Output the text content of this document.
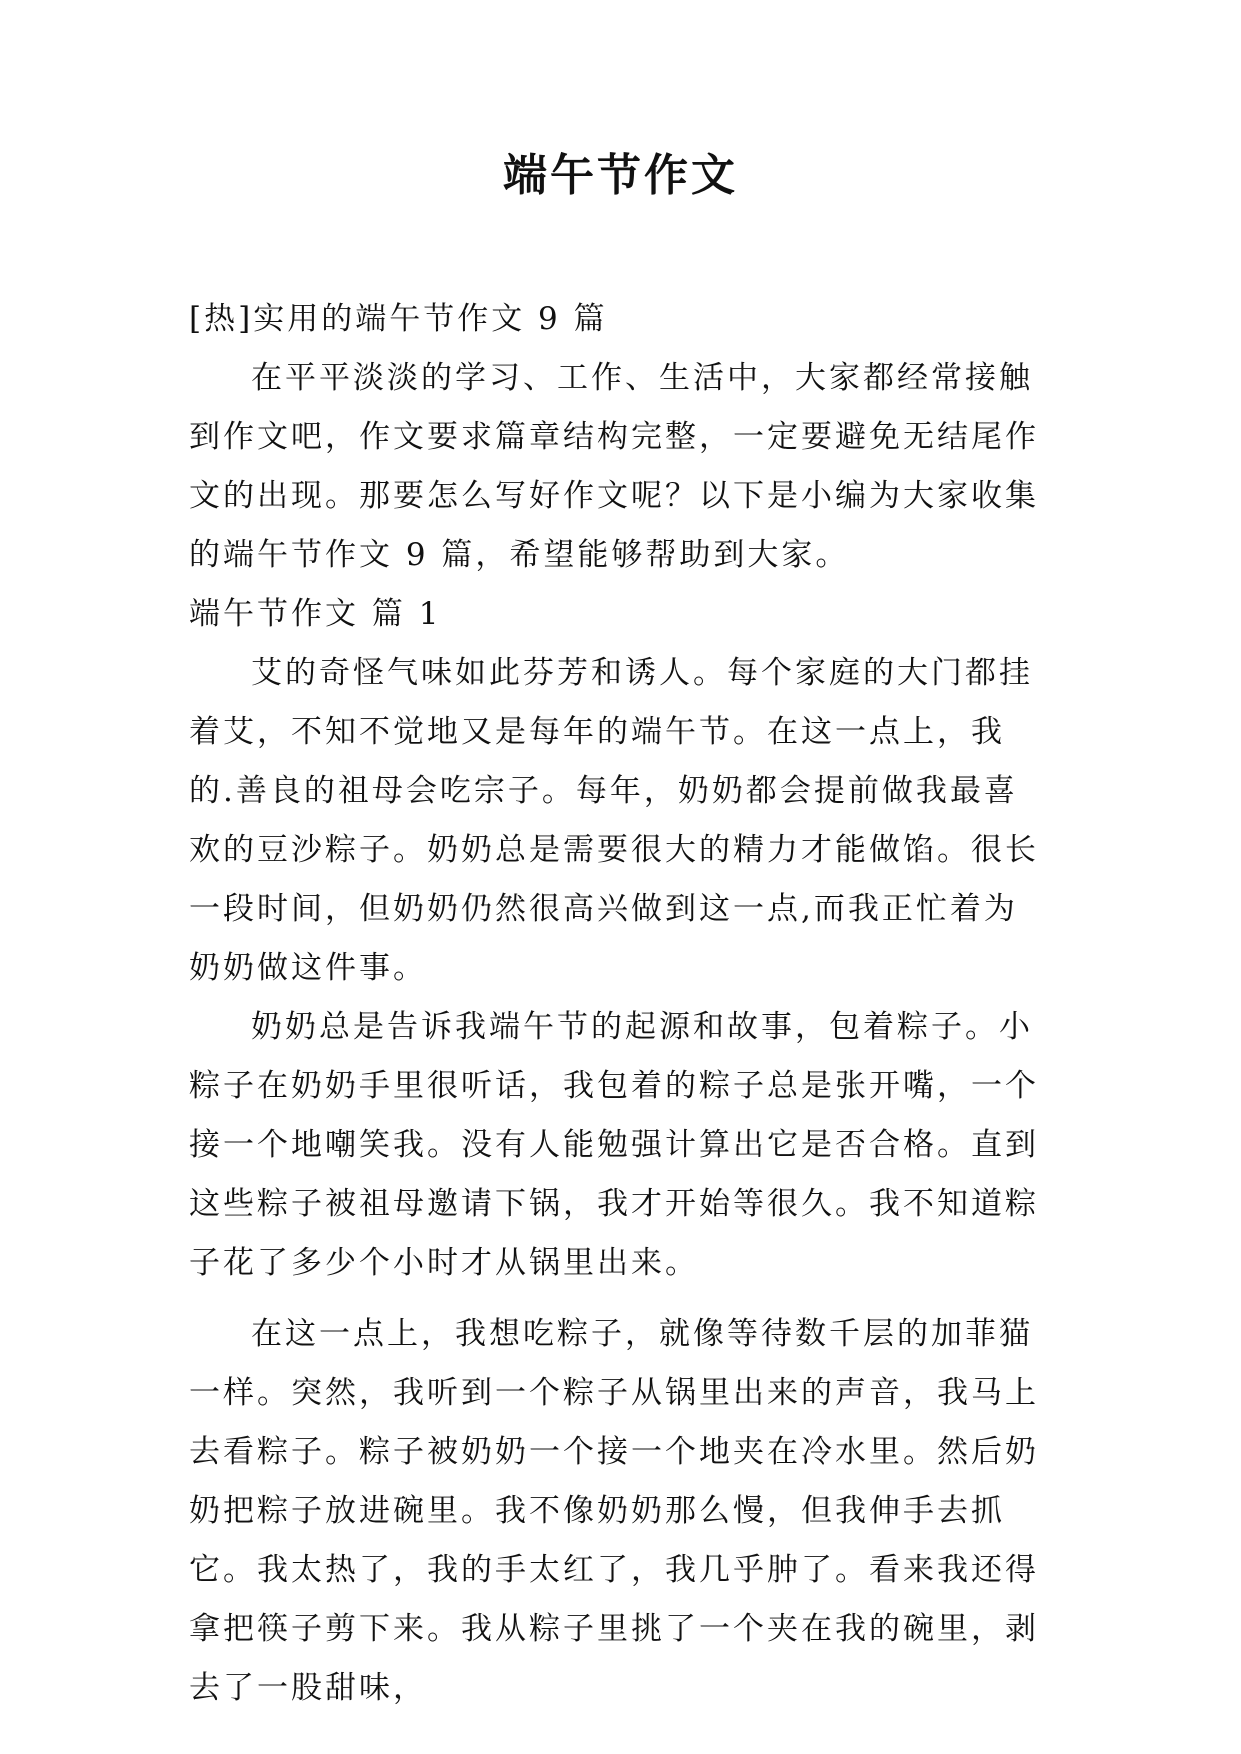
端午节作文

[热]实用的端午节作文 9 篇

在平平淡淡的学习、工作、生活中，大家都经常接触到作文吧，作文要求篇章结构完整，一定要避免无结尾作文的出现。那要怎么写好作文呢？以下是小编为大家收集的端午节作文 9 篇，希望能够帮助到大家。

端午节作文 篇 1

艾的奇怪气味如此芬芳和诱人。每个家庭的大门都挂着艾，不知不觉地又是每年的端午节。在这一点上，我的.善良的祖母会吃宗子。每年，奶奶都会提前做我最喜欢的豆沙粽子。奶奶总是需要很大的精力才能做馅。很长一段时间，但奶奶仍然很高兴做到这一点,而我正忙着为奶奶做这件事。

奶奶总是告诉我端午节的起源和故事，包着粽子。小粽子在奶奶手里很听话，我包着的粽子总是张开嘴，一个接一个地嘲笑我。没有人能勉强计算出它是否合格。直到这些粽子被祖母邀请下锅，我才开始等很久。我不知道粽子花了多少个小时才从锅里出来。

在这一点上，我想吃粽子，就像等待数千层的加菲猫一样。突然，我听到一个粽子从锅里出来的声音，我马上去看粽子。粽子被奶奶一个接一个地夹在冷水里。然后奶奶把粽子放进碗里。我不像奶奶那么慢，但我伸手去抓它。我太热了，我的手太红了，我几乎肿了。看来我还得拿把筷子剪下来。我从粽子里挑了一个夹在我的碗里，剥去了一股甜味，
